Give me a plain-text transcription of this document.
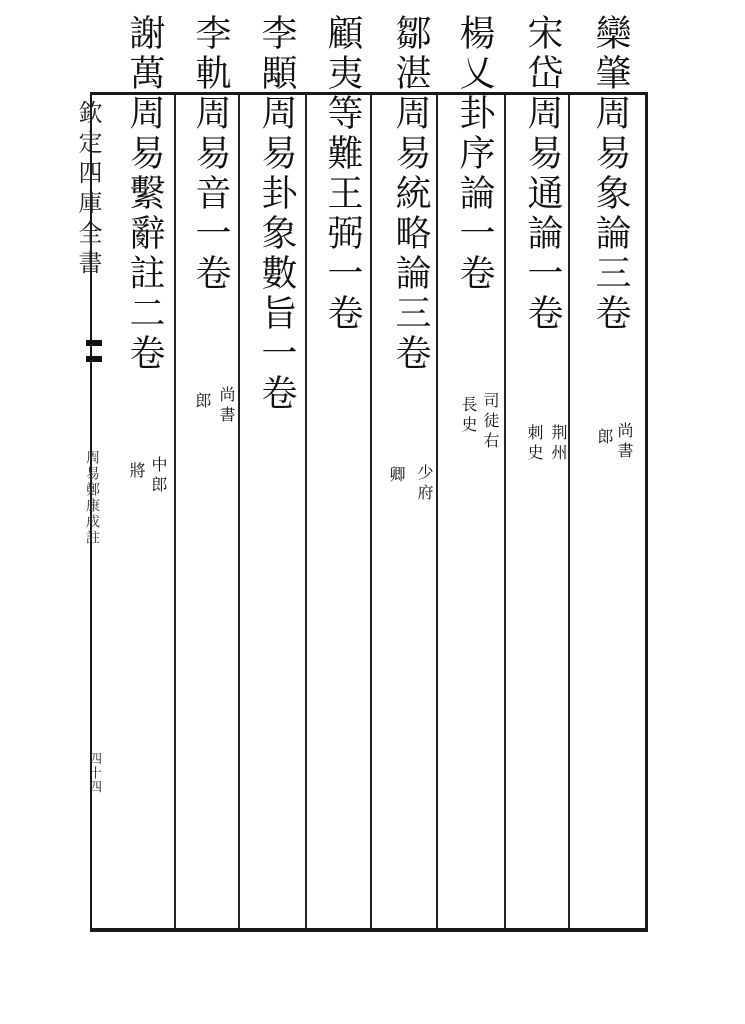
欽定四庫全書
周易鄭康成註
四十四
欒肇周易象論三卷
尚書
郎
宋岱周易通論一卷
荆州
刺史
楊乂卦序論一卷
司徒右
長史
鄒湛周易統略論三卷
少府
卿
顧夷等難王弼一卷
李顒周易卦象數旨一卷
李軌周易音一卷
尚書
郎
謝萬周易繫辭註二卷
中郎
將
